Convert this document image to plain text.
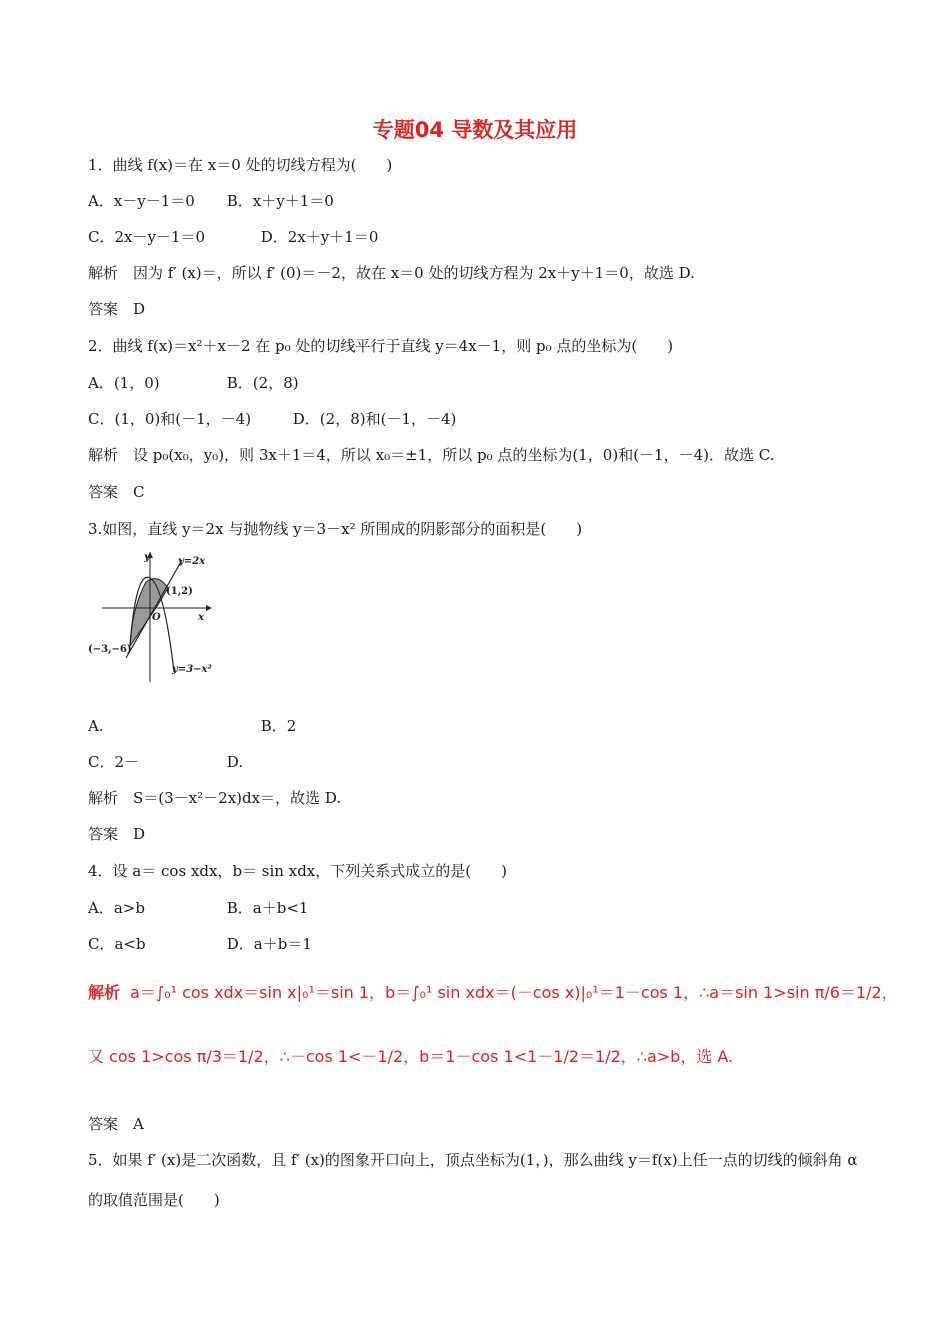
专题04 导数及其应用
1．曲线 f(x)＝在 x＝0 处的切线方程为(　　)
A．x－y－1＝0 B．x＋y＋1＝0
C．2x－y－1＝0	D．2x＋y＋1＝0
解析　因为 f′ (x)＝，所以 f′ (0)＝－2，故在 x＝0 处的切线方程为 2x＋y＋1＝0，故选 D.
答案　D
2．曲线 f(x)＝x²＋x－2 在 p₀ 处的切线平行于直线 y＝4x－1，则 p₀ 点的坐标为(　　)
A．(1，0)	B．(2，8)
C．(1，0)和(－1，－4)	D．(2，8)和(－1，－4)
解析　设 p₀(x₀，y₀)，则 3x＋1＝4，所以 x₀＝±1，所以 p₀ 点的坐标为(1，0)和(－1，－4)．故选 C.
答案　C
3.如图，直线 y＝2x 与抛物线 y＝3－x² 所围成的阴影部分的面积是(　　)
y
x
O
y=2x
(1,2)
(−3,−6)
y=3−x²
A.	B．2
C．2－	D.
解析　S＝(3－x²－2x)dx＝，故选 D.
答案　D
4．设 a＝ cos xdx，b＝ sin xdx，下列关系式成立的是(　　)
A．a>b	B．a＋b<1
C．a<b	D．a＋b＝1
解析 a＝∫₀¹ cos xdx＝sin x|₀¹＝sin 1，b＝∫₀¹ sin xdx＝(－cos x)|₀¹＝1－cos 1，∴a＝sin 1>sin π/6＝1/2，
又 cos 1>cos π/3＝1/2，∴－cos 1<－1/2，b＝1－cos 1<1－1/2＝1/2，∴a>b，选 A.
答案　A
5．如果 f′ (x)是二次函数，且 f′ (x)的图象开口向上，顶点坐标为(1，)，那么曲线 y＝f(x)上任一点的切线的倾斜角 α 的取值范围是(　　)
